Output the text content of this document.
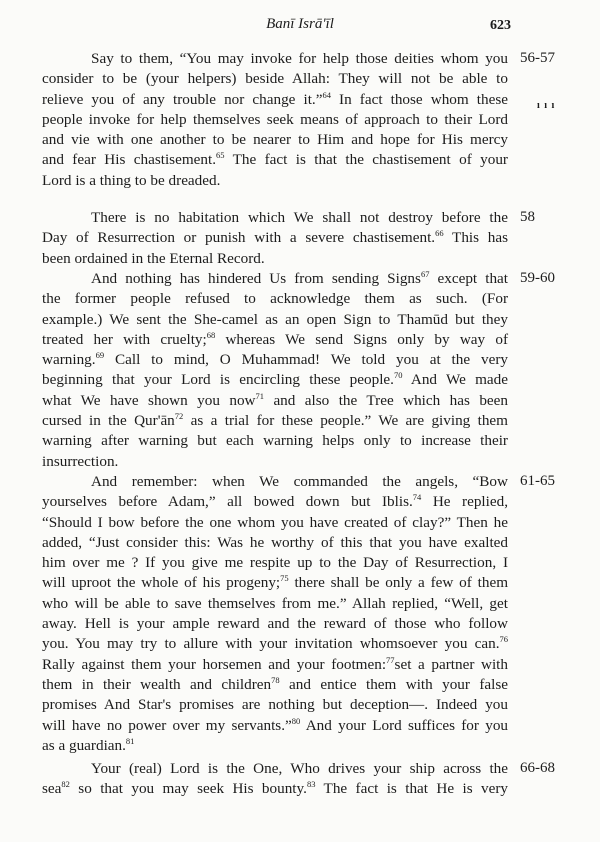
Banī Isrā'īl	623
ı ı ı
Say to them, “You may invoke for help those deities whom you
consider to be (your helpers) beside Allah: They will not be able to
relieve you of any trouble nor change it.”$^{64}$ In fact those whom these
people invoke for help themselves seek means of approach to their Lord
and vie with one another to be nearer to Him and hope for His mercy
and fear His chastisement.$^{65}$ The fact is that the chastisement of your
Lord is a thing to be dreaded.
56-57
There is no habitation which We shall not destroy before the
Day of Resurrection or punish with a severe chastisement.$^{66}$ This has
been ordained in the Eternal Record.
58
And nothing has hindered Us from sending Signs$^{67}$ except that
the former people refused to acknowledge them as such. (For
example.) We sent the She-camel as an open Sign to Thamūd but they
treated her with cruelty;$^{68}$ whereas We send Signs only by way of
warning.$^{69}$ Call to mind, O Muhammad! We told you at the very
beginning that your Lord is encircling these people.$^{70}$ And We made
what We have shown you now$^{71}$ and also the Tree which has been
cursed in the $Qur'ān^{72}$ as a trial for these people.” We are giving them
warning after warning but each warning helps only to increase their
insurrection.
59-60
And remember: when We commanded the angels, “Bow
yourselves before Adam,” all bowed down but Iblis.$^{74}$ He replied,
“Should I bow before the one whom you have created of clay?” Then he
added, “Just consider this: Was he worthy of this that you have exalted
him over me ? If you give me respite up to the Day of Resurrection, I
will uproot the whole of his progeny;$^{75}$ there shall be only a few of them
who will be able to save themselves from me.” Allah replied, “Well, get
away. Hell is your ample reward and the reward of those who follow
you. You may try to allure with your invitation whomsoever you can.$^{76}$
Rally against them your horsemen and your footmen:$^{77}$set a partner with
them in their wealth and children$^{78}$ and entice them with your false
promises And Star's promises are nothing but deception—. Indeed you
will have no power over my servants.”$^{80}$ And your Lord suffices for you
as a guardian.$^{81}$
61-65
Your (real) Lord is the One, Who drives your ship across the
sea$^{82}$ so that you may seek His bounty.$^{83}$ The fact is that He is very
66-68
